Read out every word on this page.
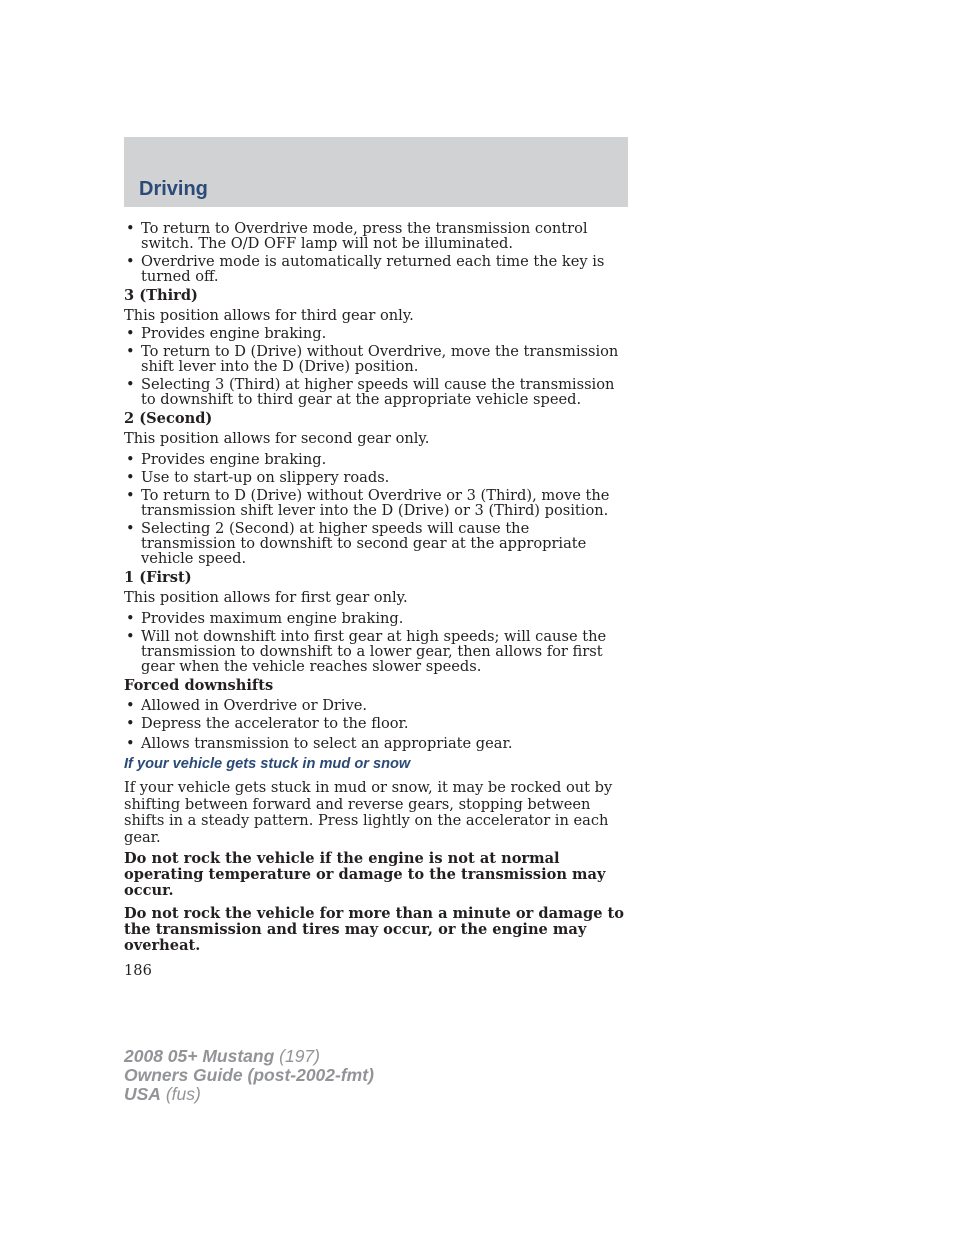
Driving
• To return to Overdrive mode, press the transmission control switch. The O/D OFF lamp will not be illuminated.
• Overdrive mode is automatically returned each time the key is turned off.

3 (Third)

This position allows for third gear only.

• Provides engine braking.
• To return to D (Drive) without Overdrive, move the transmission shift lever into the D (Drive) position.
• Selecting 3 (Third) at higher speeds will cause the transmission to downshift to third gear at the appropriate vehicle speed.

2 (Second)

This position allows for second gear only.

• Provides engine braking.
• Use to start-up on slippery roads.
• To return to D (Drive) without Overdrive or 3 (Third), move the transmission shift lever into the D (Drive) or 3 (Third) position.
• Selecting 2 (Second) at higher speeds will cause the transmission to downshift to second gear at the appropriate vehicle speed.

1 (First)

This position allows for first gear only.

• Provides maximum engine braking.
• Will not downshift into first gear at high speeds; will cause the transmission to downshift to a lower gear, then allows for first gear when the vehicle reaches slower speeds.

Forced downshifts

• Allowed in Overdrive or Drive.
• Depress the accelerator to the floor.
• Allows transmission to select an appropriate gear.

If your vehicle gets stuck in mud or snow

If your vehicle gets stuck in mud or snow, it may be rocked out by shifting between forward and reverse gears, stopping between shifts in a steady pattern. Press lightly on the accelerator in each gear.

Do not rock the vehicle if the engine is not at normal operating temperature or damage to the transmission may occur.

Do not rock the vehicle for more than a minute or damage to the transmission and tires may occur, or the engine may overheat.

186

2008 05+ Mustang (197)
Owners Guide (post-2002-fmt)
USA (fus)
